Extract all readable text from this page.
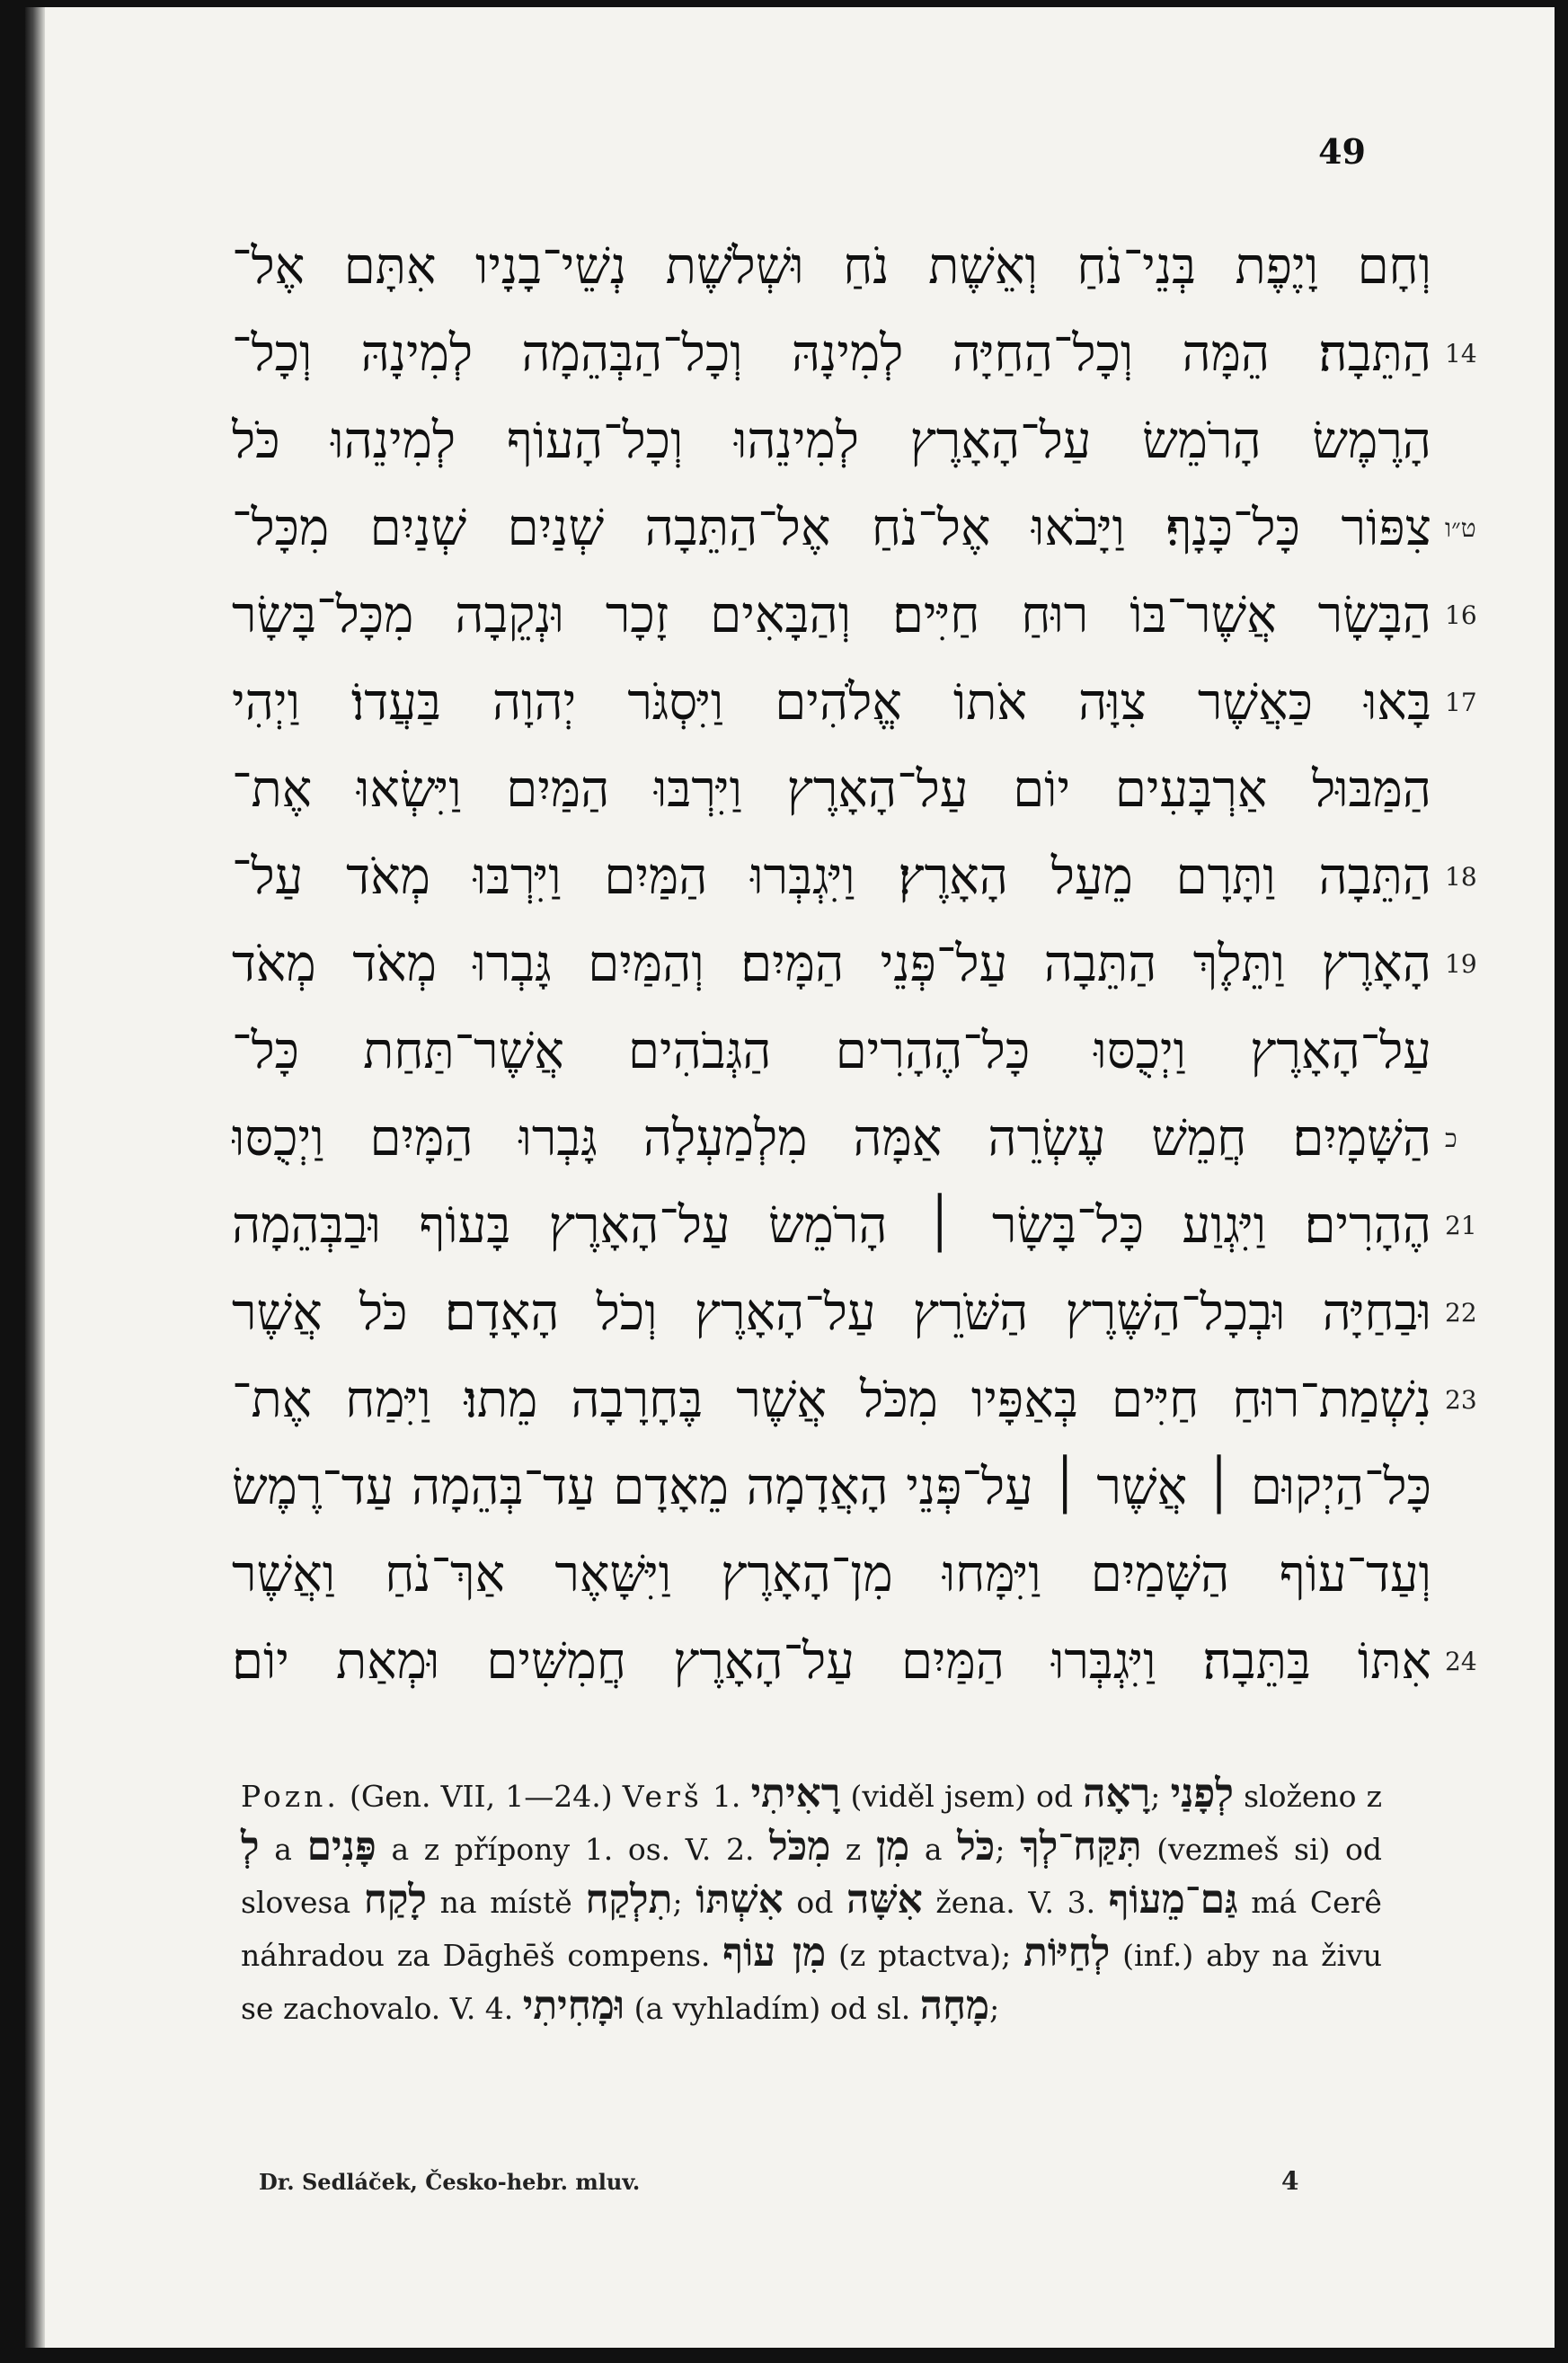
49
וְחָם וָיֶפֶת בְּנֵי־נֹחַ וְאֵשֶׁת נֹחַ וּשְׁלֹשֶׁת נְשֵׁי־בָנָיו אִתָּם אֶל־
הַתֵּבָה׃ הֵמָּה וְכָל־הַחַיָּה לְמִינָהּ וְכָל־הַבְּהֵמָה לְמִינָהּ וְכָל־ 14
הָרֶמֶשׂ הָרֹמֵשׂ עַל־הָאָרֶץ לְמִינֵהוּ וְכָל־הָעוֹף לְמִינֵהוּ כֹּל
צִפּוֹר כָּל־כָּנָף׃ וַיָּבֹאוּ אֶל־נֹחַ אֶל־הַתֵּבָה שְׁנַיִם שְׁנַיִם מִכָּל־ ט״ו
הַבָּשָׂר אֲשֶׁר־בּוֹ רוּחַ חַיִּים׃ וְהַבָּאִים זָכָר וּנְקֵבָה מִכָּל־בָּשָׂר 16
בָּאוּ כַּאֲשֶׁר צִוָּה אֹתוֹ אֱלֹהִים וַיִּסְגֹּר יְהוָה בַּעֲדוֹ׃ וַיְהִי 17
הַמַּבּוּל אַרְבָּעִים יוֹם עַל־הָאָרֶץ וַיִּרְבּוּ הַמַּיִם וַיִּשְׂאוּ אֶת־
הַתֵּבָה וַתָּרָם מֵעַל הָאָרֶץ׃ וַיִּגְבְּרוּ הַמַּיִם וַיִּרְבּוּ מְאֹד עַל־ 18
הָאָרֶץ וַתֵּלֶךְ הַתֵּבָה עַל־פְּנֵי הַמָּיִם׃ וְהַמַּיִם גָּבְרוּ מְאֹד מְאֹד 19
עַל־הָאָרֶץ וַיְכֻסּוּ כָּל־הֶהָרִים הַגְּבֹהִים אֲשֶׁר־תַּחַת כָּל־
הַשָּׁמָיִם׃ חֲמֵשׁ עֶשְׂרֵה אַמָּה מִלְמַעְלָה גָּבְרוּ הַמָּיִם וַיְכֻסּוּ כ
הֶהָרִים׃ וַיִּגְוַע כָּל־בָּשָׂר ׀ הָרֹמֵשׂ עַל־הָאָרֶץ בָּעוֹף וּבַבְּהֵמָה 21
וּבַחַיָּה וּבְכָל־הַשֶּׁרֶץ הַשֹּׁרֵץ עַל־הָאָרֶץ וְכֹל הָאָדָם׃ כֹּל אֲשֶׁר 22
נִשְׁמַת־רוּחַ חַיִּים בְּאַפָּיו מִכֹּל אֲשֶׁר בֶּחָרָבָה מֵתוּ׃ וַיִּמַח אֶת־ 23
כָּל־הַיְקוּם ׀ אֲשֶׁר ׀ עַל־פְּנֵי הָאֲדָמָה מֵאָדָם עַד־בְּהֵמָה עַד־רֶמֶשׂ
וְעַד־עוֹף הַשָּׁמַיִם וַיִּמָּחוּ מִן־הָאָרֶץ וַיִּשָּׁאֶר אַךְ־נֹחַ וַאֲשֶׁר
אִתּוֹ בַּתֵּבָה׃ וַיִּגְבְּרוּ הַמַּיִם עַל־הָאָרֶץ חֲמִשִּׁים וּמְאַת יוֹם׃ 24
Pozn. (Gen. VII, 1—24.) Verš 1. רָאִיתִי (viděl jsem) od רָאָה; לְפָנַי složeno z לְ a פָּנִים a z přípony 1. os. V. 2. מִכֹּל z מִן a כֹּל; תִּקַּח־לְךָ (vezmeš si) od slovesa לָקַח na místě תִלְקַח; אִשְׁתּוֹ od אִשָּׁה žena. V. 3. גַּם־מֵעוֹף má Cerê náhradou za Dāghēš compens. מִן עוֹף (z ptactva); לְחַיּוֹת (inf.) aby na živu se zachovalo. V. 4. וּמָחִיתִי (a vyhladím) od sl. מָחָה;
Dr. Sedláček, Česko-hebr. mluv.	4
